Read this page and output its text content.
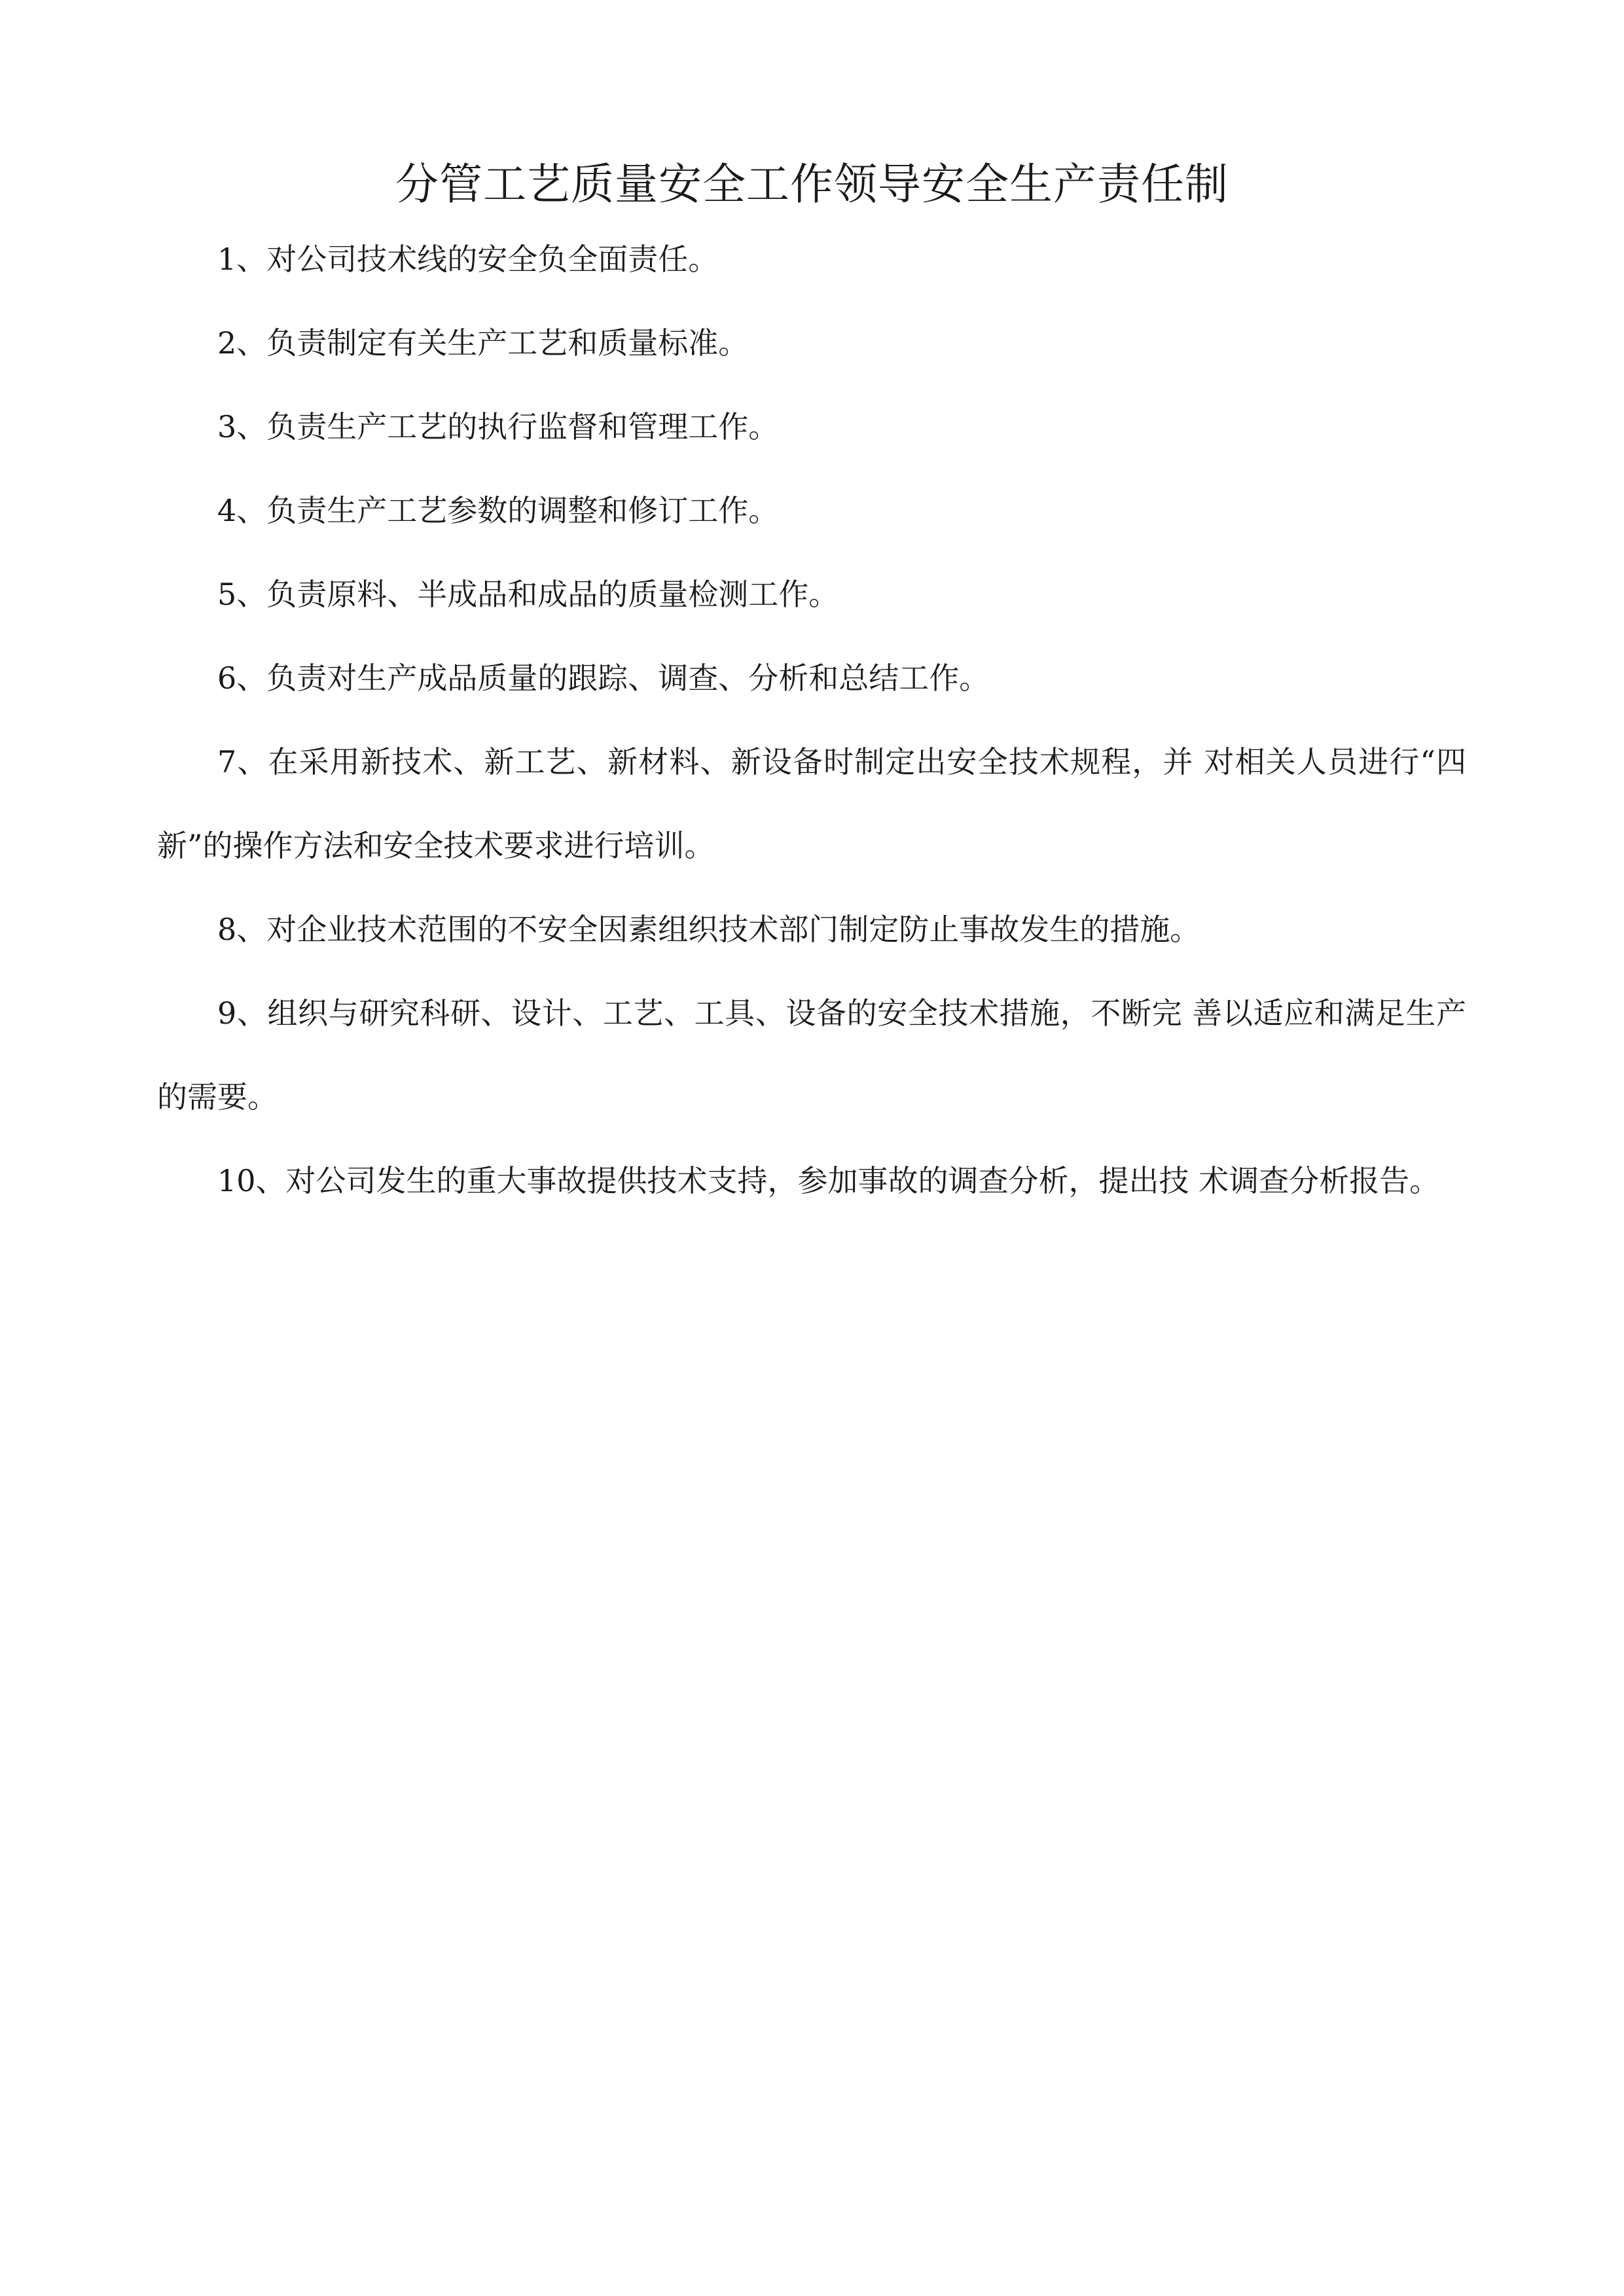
分管工艺质量安全工作领导安全生产责任制

1、对公司技术线的安全负全面责任。

2、负责制定有关生产工艺和质量标准。

3、负责生产工艺的执行监督和管理工作。

4、负责生产工艺参数的调整和修订工作。

5、负责原料、半成品和成品的质量检测工作。

6、负责对生产成品质量的跟踪、调查、分析和总结工作。

7、在采用新技术、新工艺、新材料、新设备时制定出安全技术规程，并 对相关人员进行“四新”的操作方法和安全技术要求进行培训。

8、对企业技术范围的不安全因素组织技术部门制定防止事故发生的措施。

9、组织与研究科研、设计、工艺、工具、设备的安全技术措施，不断完 善以适应和满足生产的需要。

10、对公司发生的重大事故提供技术支持，参加事故的调查分析，提出技 术调查分析报告。
